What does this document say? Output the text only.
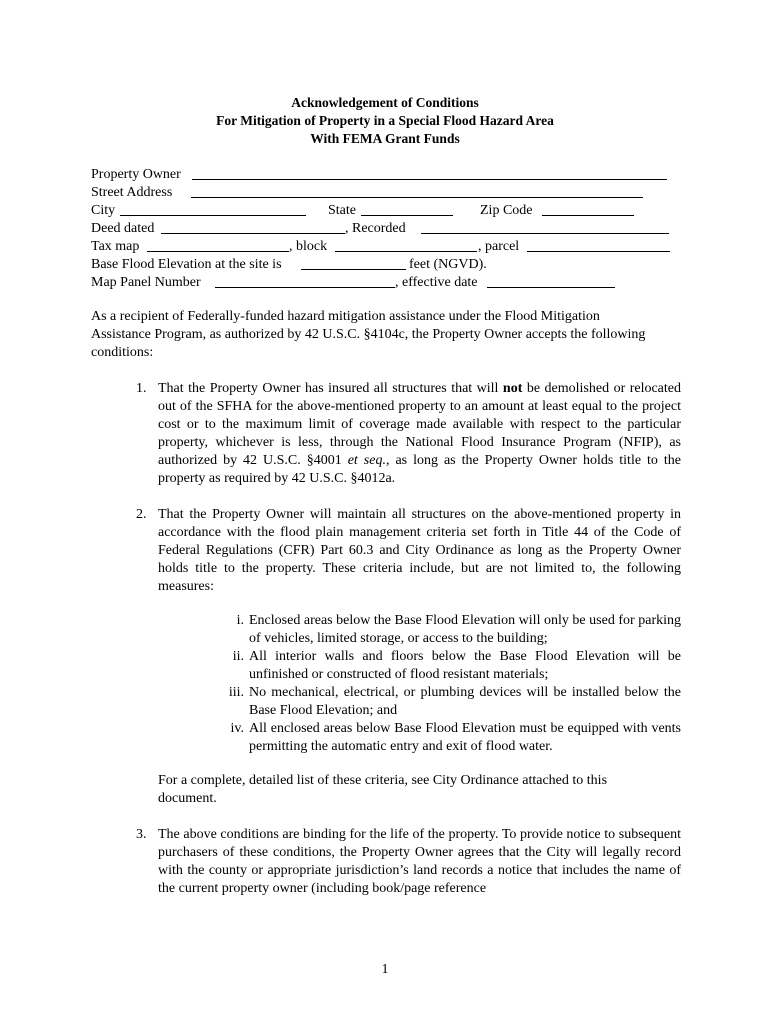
Acknowledgement of Conditions
For Mitigation of Property in a Special Flood Hazard Area
With FEMA Grant Funds
Property Owner
Street Address
City	State	Zip Code
Deed dated	, Recorded
Tax map	, block	, parcel
Base Flood Elevation at the site is	feet (NGVD).
Map Panel Number	, effective date
As a recipient of Federally-funded hazard mitigation assistance under the Flood Mitigation Assistance Program, as authorized by 42 U.S.C. §4104c, the Property Owner accepts the following conditions:
1. That the Property Owner has insured all structures that will not be demolished or relocated out of the SFHA for the above-mentioned property to an amount at least equal to the project cost or to the maximum limit of coverage made available with respect to the particular property, whichever is less, through the National Flood Insurance Program (NFIP), as authorized by 42 U.S.C. §4001 et seq., as long as the Property Owner holds title to the property as required by 42 U.S.C. §4012a.
2. That the Property Owner will maintain all structures on the above-mentioned property in accordance with the flood plain management criteria set forth in Title 44 of the Code of Federal Regulations (CFR) Part 60.3 and City Ordinance as long as the Property Owner holds title to the property. These criteria include, but are not limited to, the following measures:
i. Enclosed areas below the Base Flood Elevation will only be used for parking of vehicles, limited storage, or access to the building;
ii. All interior walls and floors below the Base Flood Elevation will be unfinished or constructed of flood resistant materials;
iii. No mechanical, electrical, or plumbing devices will be installed below the Base Flood Elevation; and
iv. All enclosed areas below Base Flood Elevation must be equipped with vents permitting the automatic entry and exit of flood water.
For a complete, detailed list of these criteria, see City Ordinance attached to this document.
3. The above conditions are binding for the life of the property. To provide notice to subsequent purchasers of these conditions, the Property Owner agrees that the City will legally record with the county or appropriate jurisdiction’s land records a notice that includes the name of the current property owner (including book/page reference
1
